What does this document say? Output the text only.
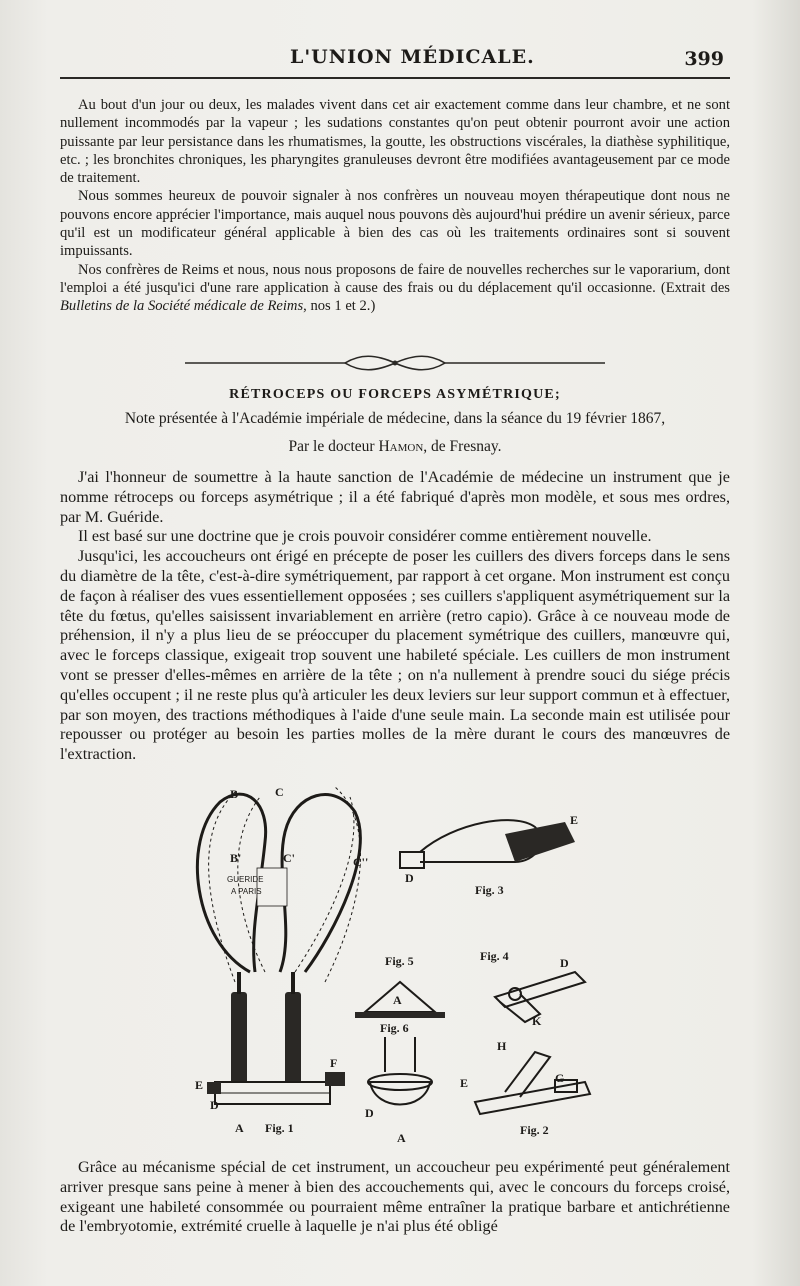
L'UNION MÉDICALE.	399

Au bout d'un jour ou deux, les malades vivent dans cet air exactement comme dans leur chambre, et ne sont nullement incommodés par la vapeur ; les sudations constantes qu'on peut obtenir pourront avoir une action puissante par leur persistance dans les rhumatismes, la goutte, les obstructions viscérales, la diathèse syphilitique, etc. ; les bronchites chroniques, les pharyngites granuleuses devront être modifiées avantageusement par ce mode de traitement.

Nous sommes heureux de pouvoir signaler à nos confrères un nouveau moyen thérapeutique dont nous ne pouvons encore apprécier l'importance, mais auquel nous pouvons dès aujourd'hui prédire un avenir sérieux, parce qu'il est un modificateur général applicable à bien des cas où les traitements ordinaires sont si souvent impuissants.

Nos confrères de Reims et nous, nous nous proposons de faire de nouvelles recherches sur le vaporarium, dont l'emploi a été jusqu'ici d'une rare application à cause des frais ou du déplacement qu'il occasionne. (Extrait des Bulletins de la Société médicale de Reims, nos 1 et 2.)

RÉTROCEPS OU FORCEPS ASYMÉTRIQUE;
Note présentée à l'Académie impériale de médecine, dans la séance du 19 février 1867,
Par le docteur Hamon, de Fresnay.

J'ai l'honneur de soumettre à la haute sanction de l'Académie de médecine un instrument que je nomme rétroceps ou forceps asymétrique ; il a été fabriqué d'après mon modèle, et sous mes ordres, par M. Guéride.

Il est basé sur une doctrine que je crois pouvoir considérer comme entièrement nouvelle.

Jusqu'ici, les accoucheurs ont érigé en précepte de poser les cuillers des divers forceps dans le sens du diamètre de la tête, c'est-à-dire symétriquement, par rapport à cet organe. Mon instrument est conçu de façon à réaliser des vues essentiellement opposées ; ses cuillers s'appliquent asymétriquement sur la tête du fœtus, qu'elles saisissent invariablement en arrière (retro capio). Grâce à ce nouveau mode de préhension, il n'y a plus lieu de se préoccuper du placement symétrique des cuillers, manœuvre qui, avec le forceps classique, exigeait trop souvent une habileté spéciale. Les cuillers de mon instrument vont se presser d'elles-mêmes en arrière de la tête ; on n'a nullement à prendre souci du siége précis qu'elles occupent ; il ne reste plus qu'à articuler les deux leviers sur leur support commun et à effectuer, par son moyen, des tractions méthodiques à l'aide d'une seule main. La seconde main est utilisée pour repousser ou protéger au besoin les parties molles de la mère durant le cours des manœuvres de l'extraction.

GUERIDE
A PARIS
B	C
B'	C'	C''
E
D
F
A Fig. 1
E
D
Fig. 3
Fig. 5
A
Fig. 4	D
K
Fig. 6
D
A
H
G
E
Fig. 2

Grâce au mécanisme spécial de cet instrument, un accoucheur peu expérimenté peut généralement arriver presque sans peine à mener à bien des accouchements qui, avec le concours du forceps croisé, exigeant une habileté consommée ou pourraient même entraîner la pratique barbare et antichrétienne de l'embryotomie, extrémité cruelle à laquelle je n'ai plus été obligé
